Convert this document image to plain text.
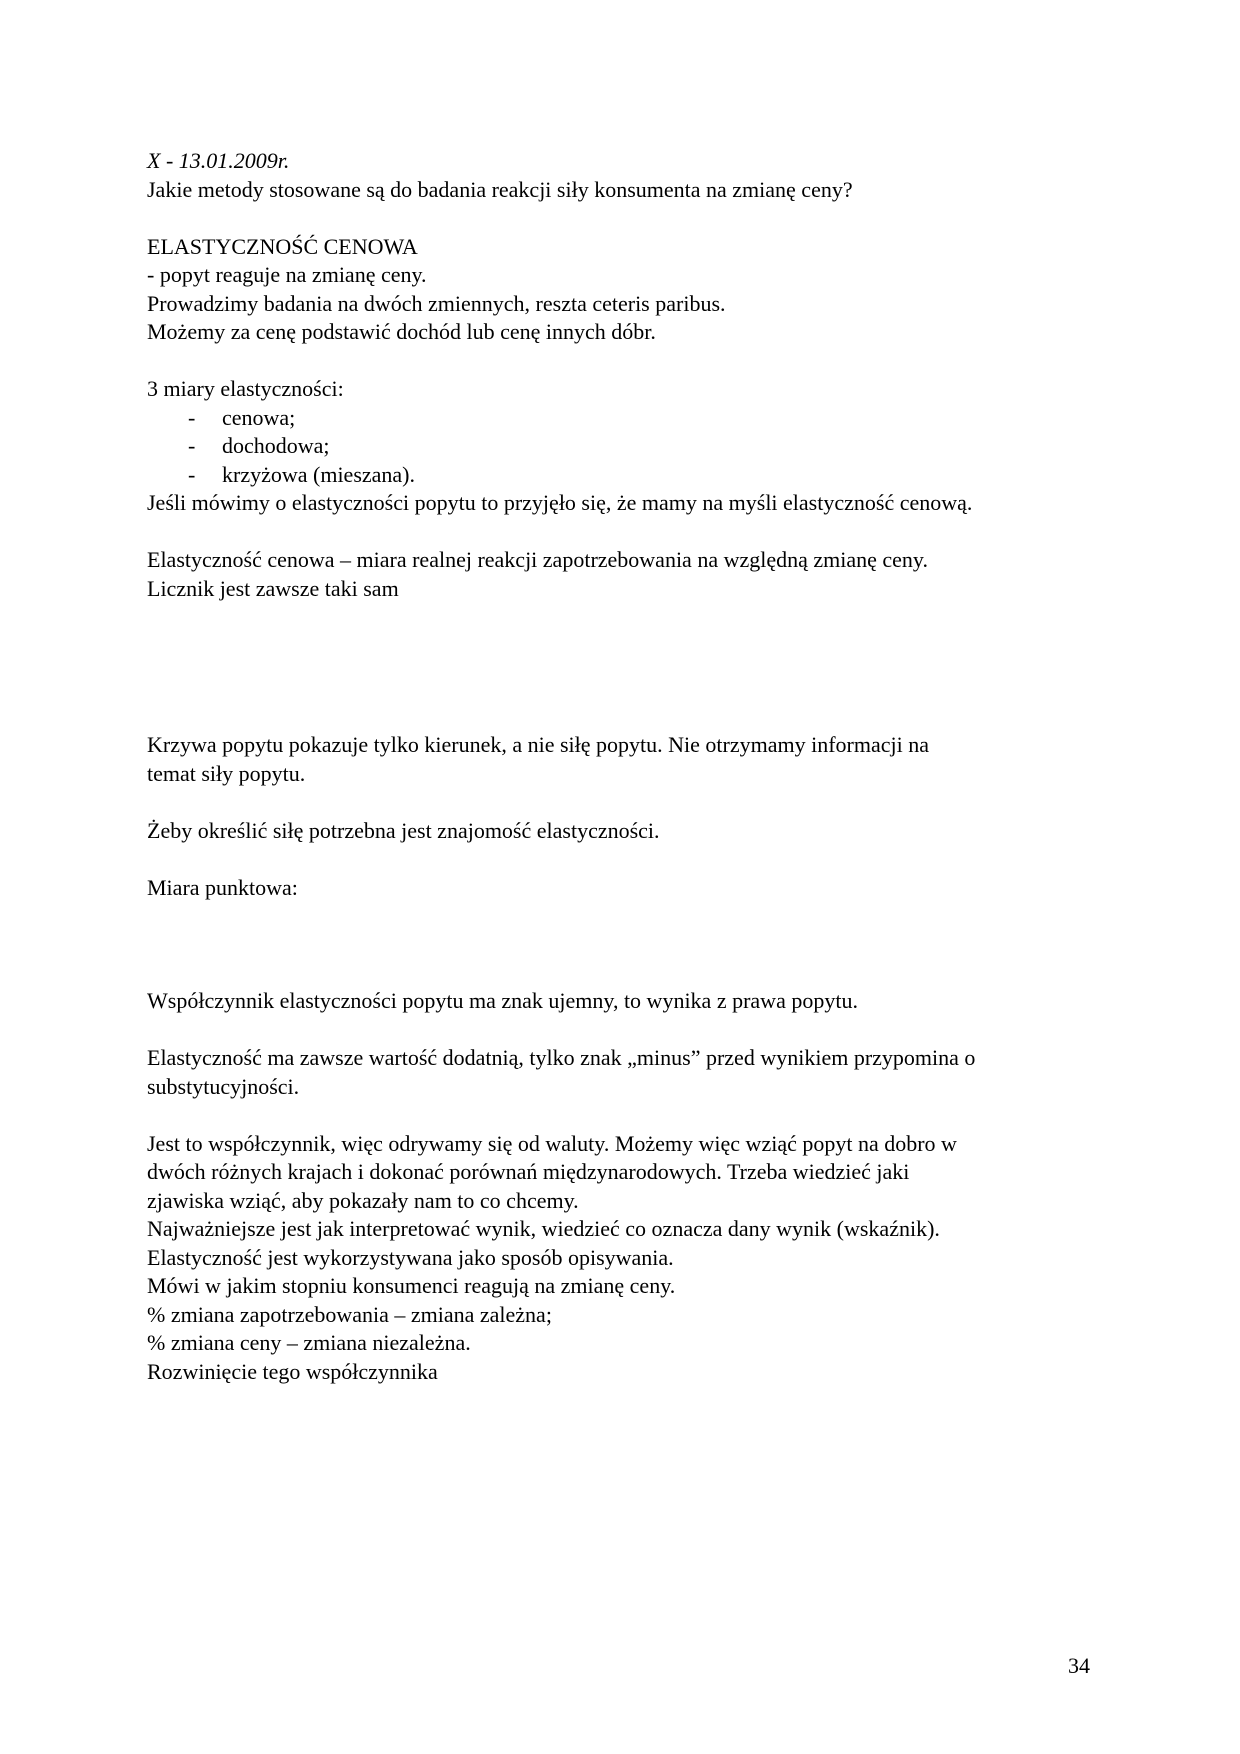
X - 13.01.2009r.
Jakie metody stosowane są do badania reakcji siły konsumenta na zmianę ceny?
ELASTYCZNOŚĆ CENOWA
- popyt reaguje na zmianę ceny.
Prowadzimy badania na dwóch zmiennych, reszta ceteris paribus.
Możemy za cenę podstawić dochód lub cenę innych dóbr.
3 miary elastyczności:
- cenowa;
- dochodowa;
- krzyżowa (mieszana).
Jeśli mówimy o elastyczności popytu to przyjęło się, że mamy na myśli elastyczność cenową.
Elastyczność cenowa – miara realnej reakcji zapotrzebowania na względną zmianę ceny.
Licznik jest zawsze taki sam
Krzywa popytu pokazuje tylko kierunek, a nie siłę popytu. Nie otrzymamy informacji na
temat siły popytu.
Żeby określić siłę potrzebna jest znajomość elastyczności.
Miara punktowa:
Współczynnik elastyczności popytu ma znak ujemny, to wynika z prawa popytu.
Elastyczność ma zawsze wartość dodatnią, tylko znak „minus” przed wynikiem przypomina o
substytucyjności.
Jest to współczynnik, więc odrywamy się od waluty. Możemy więc wziąć popyt na dobro w
dwóch różnych krajach i dokonać porównań międzynarodowych. Trzeba wiedzieć jaki
zjawiska wziąć, aby pokazały nam to co chcemy.
Najważniejsze jest jak interpretować wynik, wiedzieć co oznacza dany wynik (wskaźnik).
Elastyczność jest wykorzystywana jako sposób opisywania.
Mówi w jakim stopniu konsumenci reagują na zmianę ceny.
% zmiana zapotrzebowania – zmiana zależna;
% zmiana ceny – zmiana niezależna.
Rozwinięcie tego współczynnika
34
